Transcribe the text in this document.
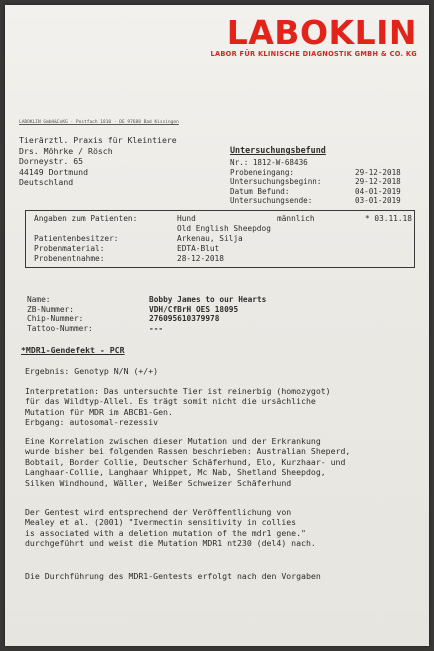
LABOKLIN
LABOR FÜR KLINISCHE DIAGNOSTIK GMBH & CO. KG
LABOKLIN GmbH&CoKG · Postfach 1810 · DE 97688 Bad Kissingen
Tierärztl. Praxis für Kleintiere
Drs. Möhrke / Rösch
Dorneystr. 65
44149 Dortmund
Deutschland
Untersuchungsbefund
Nr.: 1812-W-68436
Probeneingang:	29-12-2018
Untersuchungsbeginn:	29-12-2018
Datum Befund:	04-01-2019
Untersuchungsende:	03-01-2019
Angaben zum Patienten:	Hund	männlich	* 03.11.18
Old English Sheepdog
Patientenbesitzer:	Arkenau, Silja
Probenmaterial:	EDTA-Blut
Probenentnahme:	28-12-2018
Name:	Bobby James to our Hearts
ZB-Nummer:	VDH/CfBrH OES 18095
Chip-Nummer:	276095610379978
Tattoo-Nummer:	---
*MDR1-Gendefekt - PCR
Ergebnis: Genotyp N/N (+/+)
Interpretation: Das untersuchte Tier ist reinerbig (homozygot)
für das Wildtyp-Allel. Es trägt somit nicht die ursächliche
Mutation für MDR im ABCB1-Gen.
Erbgang: autosomal-rezessiv
Eine Korrelation zwischen dieser Mutation und der Erkrankung
wurde bisher bei folgenden Rassen beschrieben: Australian Sheperd,
Bobtail, Border Collie, Deutscher Schäferhund, Elo, Kurzhaar- und
Langhaar-Collie, Langhaar Whippet, Mc Nab, Shetland Sheepdog,
Silken Windhound, Wäller, Weißer Schweizer Schäferhund
Der Gentest wird entsprechend der Veröffentlichung von
Mealey et al. (2001) "Ivermectin sensitivity in collies
is associated with a deletion mutation of the mdr1 gene."
durchgeführt und weist die Mutation MDR1 nt230 (del4) nach.
Die Durchführung des MDR1-Gentests erfolgt nach den Vorgaben
